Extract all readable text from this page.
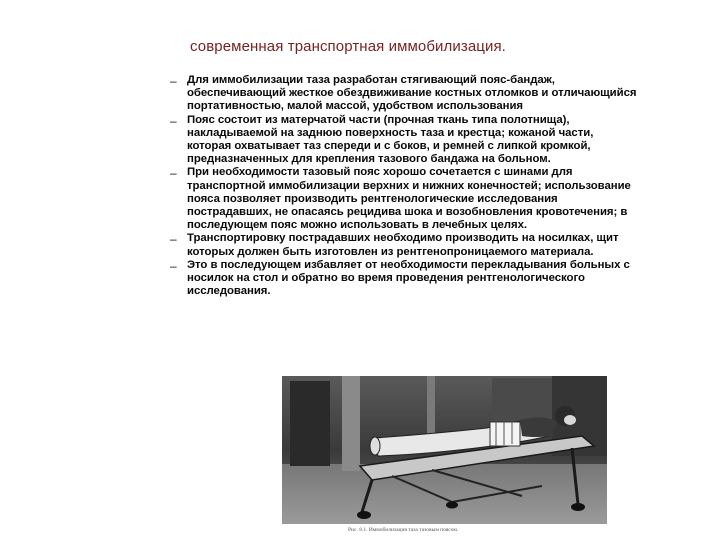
современная транспортная иммобилизация.
– Для иммобилизации таза разработан стягивающий пояс-бандаж, обеспечивающий жесткое обездвиживание костных отломков и отличающийся портативностью, малой массой, удобством использования
– Пояс состоит из матерчатой части (прочная ткань типа полотнища), накладываемой на заднюю поверхность таза и крестца; кожаной части, которая охватывает таз спереди и с боков, и ремней с липкой кромкой, предназначенных для крепления тазового бандажа на больном.
– При необходимости тазовый пояс хорошо сочетается с шинами для транспортной иммобилизации верхних и нижних конечностей; использование пояса позволяет производить рентгенологические исследования пострадавших, не опасаясь рецидива шока и возобновления кровотечения; в последующем пояс можно использовать в лечебных целях.
– Транспортировку пострадавших необходимо производить на носилках, щит которых должен быть изготовлен из рентгенопроницаемого материала.
– Это в последующем избавляет от необходимости перекладывания больных с носилок на стол и обратно во время проведения рентгенологического исследования.
Рис. 8.1. Иммобилизация таза тазовым поясом.
